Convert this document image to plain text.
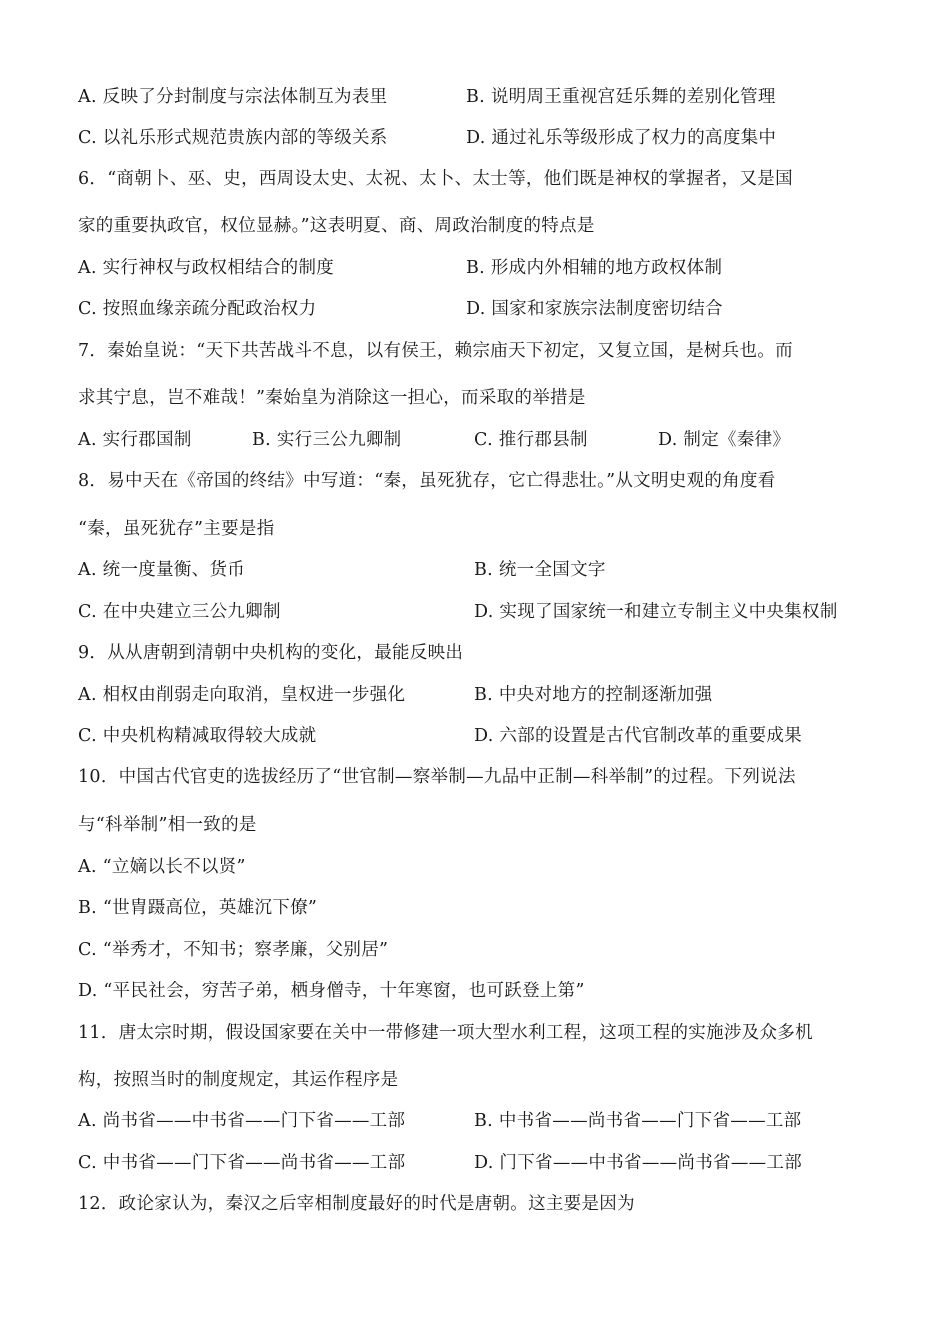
A. 反映了分封制度与宗法体制互为表里	B. 说明周王重视宫廷乐舞的差别化管理
C. 以礼乐形式规范贵族内部的等级关系	D. 通过礼乐等级形成了权力的高度集中
6．“商朝卜、巫、史，西周设太史、太祝、太卜、太士等，他们既是神权的掌握者，又是国
家的重要执政官，权位显赫。”这表明夏、商、周政治制度的特点是
A. 实行神权与政权相结合的制度	B. 形成内外相辅的地方政权体制
C. 按照血缘亲疏分配政治权力	D. 国家和家族宗法制度密切结合
7．秦始皇说：“天下共苦战斗不息，以有侯王，赖宗庙天下初定，又复立国，是树兵也。而
求其宁息，岂不难哉！”秦始皇为消除这一担心，而采取的举措是
A. 实行郡国制	B. 实行三公九卿制	C. 推行郡县制	D. 制定《秦律》
8．易中天在《帝国的终结》中写道：“秦，虽死犹存，它亡得悲壮。”从文明史观的角度看
“秦，虽死犹存”主要是指
A. 统一度量衡、货币	B. 统一全国文字
C. 在中央建立三公九卿制	D. 实现了国家统一和建立专制主义中央集权制
9．从从唐朝到清朝中央机构的变化，最能反映出
A. 相权由削弱走向取消，皇权进一步强化	B. 中央对地方的控制逐渐加强
C. 中央机构精减取得较大成就	D. 六部的设置是古代官制改革的重要成果
10．中国古代官吏的选拔经历了“世官制—察举制—九品中正制—科举制”的过程。下列说法
与“科举制”相一致的是
A. “立嫡以长不以贤”
B. “世胄蹑高位，英雄沉下僚”
C. “举秀才，不知书；察孝廉，父别居”
D. “平民社会，穷苦子弟，栖身僧寺，十年寒窗，也可跃登上第”
11．唐太宗时期，假设国家要在关中一带修建一项大型水利工程，这项工程的实施涉及众多机
构，按照当时的制度规定，其运作程序是
A. 尚书省——中书省——门下省——工部	B. 中书省——尚书省——门下省——工部
C. 中书省——门下省——尚书省——工部	D. 门下省——中书省——尚书省——工部
12．政论家认为，秦汉之后宰相制度最好的时代是唐朝。这主要是因为
